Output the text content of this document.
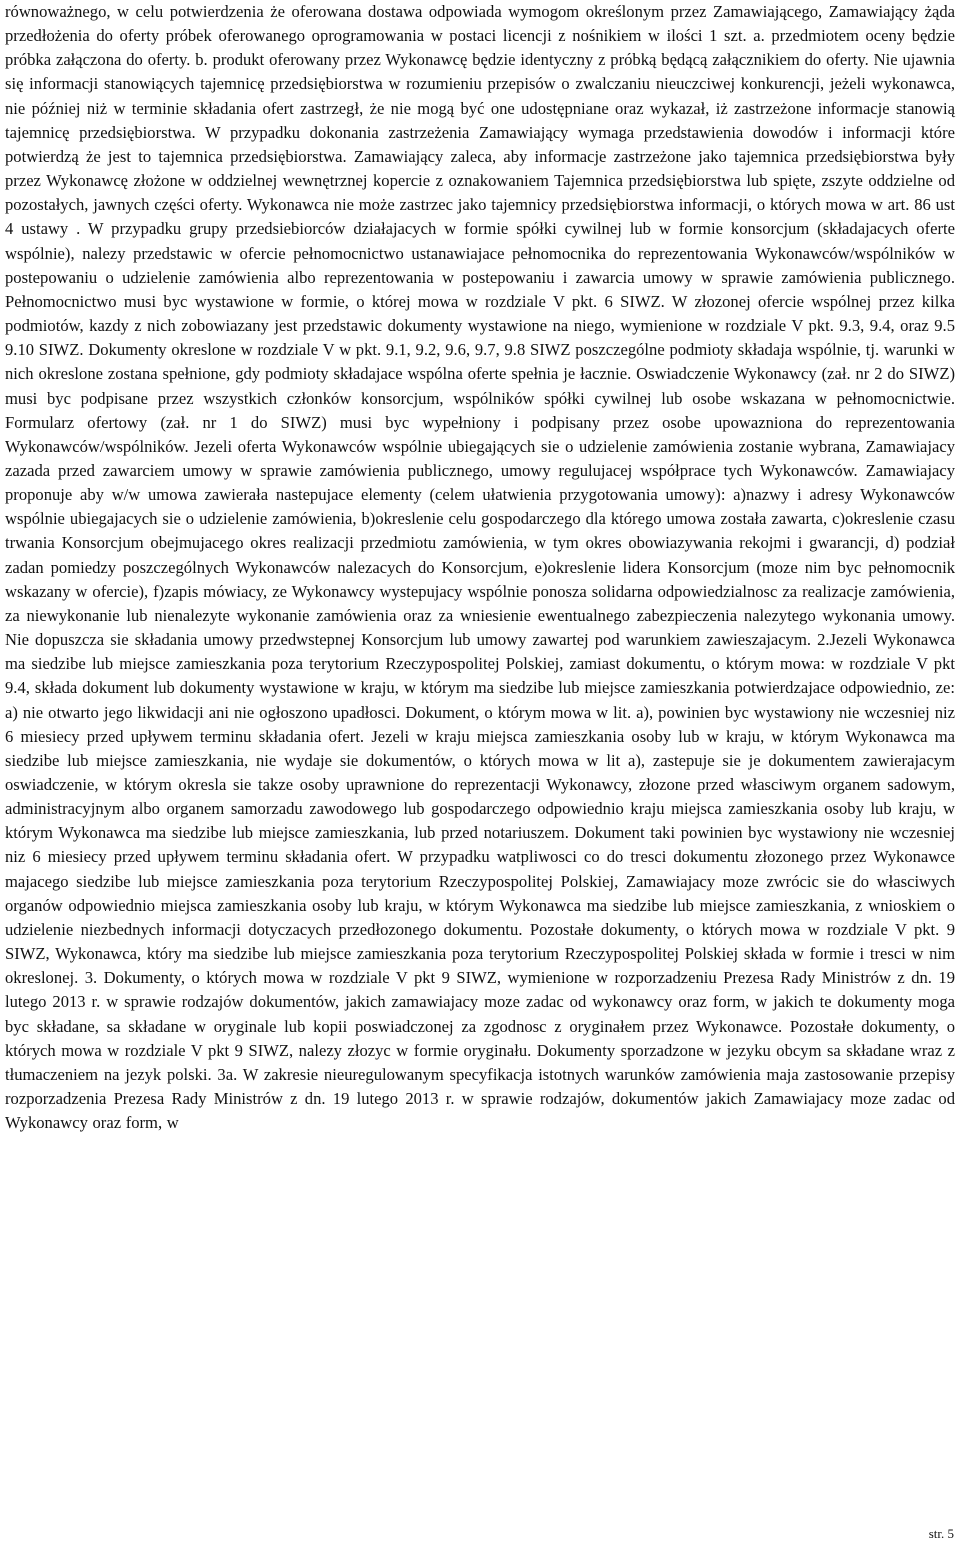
równoważnego, w celu potwierdzenia że oferowana dostawa odpowiada wymogom określonym przez Zamawiającego, Zamawiający żąda przedłożenia do oferty próbek oferowanego oprogramowania w postaci licencji z nośnikiem w ilości 1 szt. a. przedmiotem oceny będzie próbka załączona do oferty. b. produkt oferowany przez Wykonawcę będzie identyczny z próbką będącą załącznikiem do oferty. Nie ujawnia się informacji stanowiących tajemnicę przedsiębiorstwa w rozumieniu przepisów o zwalczaniu nieuczciwej konkurencji, jeżeli wykonawca, nie później niż w terminie składania ofert zastrzegł, że nie mogą być one udostępniane oraz wykazał, iż zastrzeżone informacje stanowią tajemnicę przedsiębiorstwa. W przypadku dokonania zastrzeżenia Zamawiający wymaga przedstawienia dowodów i informacji które potwierdzą że jest to tajemnica przedsiębiorstwa. Zamawiający zaleca, aby informacje zastrzeżone jako tajemnica przedsiębiorstwa były przez Wykonawcę złożone w oddzielnej wewnętrznej kopercie z oznakowaniem Tajemnica przedsiębiorstwa lub spięte, zszyte oddzielne od pozostałych, jawnych części oferty. Wykonawca nie może zastrzec jako tajemnicy przedsiębiorstwa informacji, o których mowa w art. 86 ust 4 ustawy . W przypadku grupy przedsiebiorców działajacych w formie spółki cywilnej lub w formie konsorcjum (składajacych oferte wspólnie), nalezy przedstawic w ofercie pełnomocnictwo ustanawiajace pełnomocnika do reprezentowania Wykonawców/wspólników w postepowaniu o udzielenie zamówienia albo reprezentowania w postepowaniu i zawarcia umowy w sprawie zamówienia publicznego. Pełnomocnictwo musi byc wystawione w formie, o której mowa w rozdziale V pkt. 6 SIWZ. W złozonej ofercie wspólnej przez kilka podmiotów, kazdy z nich zobowiazany jest przedstawic dokumenty wystawione na niego, wymienione w rozdziale V pkt. 9.3, 9.4, oraz 9.5 9.10 SIWZ. Dokumenty okreslone w rozdziale V w pkt. 9.1, 9.2, 9.6, 9.7, 9.8 SIWZ poszczególne podmioty składaja wspólnie, tj. warunki w nich okreslone zostana spełnione, gdy podmioty składajace wspólna oferte spełnia je łacznie. Oswiadczenie Wykonawcy (zał. nr 2 do SIWZ) musi byc podpisane przez wszystkich członków konsorcjum, wspólników spółki cywilnej lub osobe wskazana w pełnomocnictwie. Formularz ofertowy (zał. nr 1 do SIWZ) musi byc wypełniony i podpisany przez osobe upowazniona do reprezentowania Wykonawców/wspólników. Jezeli oferta Wykonawców wspólnie ubiegających sie o udzielenie zamówienia zostanie wybrana, Zamawiajacy zazada przed zawarciem umowy w sprawie zamówienia publicznego, umowy regulujacej współprace tych Wykonawców. Zamawiajacy proponuje aby w/w umowa zawierała nastepujace elementy (celem ułatwienia przygotowania umowy): a)nazwy i adresy Wykonawców wspólnie ubiegajacych sie o udzielenie zamówienia, b)okreslenie celu gospodarczego dla którego umowa została zawarta, c)okreslenie czasu trwania Konsorcjum obejmujacego okres realizacji przedmiotu zamówienia, w tym okres obowiazywania rekojmi i gwarancji, d) podział zadan pomiedzy poszczególnych Wykonawców nalezacych do Konsorcjum, e)okreslenie lidera Konsorcjum (moze nim byc pełnomocnik wskazany w ofercie), f)zapis mówiacy, ze Wykonawcy wystepujacy wspólnie ponosza solidarna odpowiedzialnosc za realizacje zamówienia, za niewykonanie lub nienalezyte wykonanie zamówienia oraz za wniesienie ewentualnego zabezpieczenia nalezytego wykonania umowy. Nie dopuszcza sie składania umowy przedwstepnej Konsorcjum lub umowy zawartej pod warunkiem zawieszajacym. 2.Jezeli Wykonawca ma siedzibe lub miejsce zamieszkania poza terytorium Rzeczypospolitej Polskiej, zamiast dokumentu, o którym mowa: w rozdziale V pkt 9.4, składa dokument lub dokumenty wystawione w kraju, w którym ma siedzibe lub miejsce zamieszkania potwierdzajace odpowiednio, ze: a) nie otwarto jego likwidacji ani nie ogłoszono upadłosci. Dokument, o którym mowa w lit. a), powinien byc wystawiony nie wczesniej niz 6 miesiecy przed upływem terminu składania ofert. Jezeli w kraju miejsca zamieszkania osoby lub w kraju, w którym Wykonawca ma siedzibe lub miejsce zamieszkania, nie wydaje sie dokumentów, o których mowa w lit a), zastepuje sie je dokumentem zawierajacym oswiadczenie, w którym okresla sie takze osoby uprawnione do reprezentacji Wykonawcy, złozone przed własciwym organem sadowym, administracyjnym albo organem samorzadu zawodowego lub gospodarczego odpowiednio kraju miejsca zamieszkania osoby lub kraju, w którym Wykonawca ma siedzibe lub miejsce zamieszkania, lub przed notariuszem. Dokument taki powinien byc wystawiony nie wczesniej niz 6 miesiecy przed upływem terminu składania ofert. W przypadku watpliwosci co do tresci dokumentu złozonego przez Wykonawce majacego siedzibe lub miejsce zamieszkania poza terytorium Rzeczypospolitej Polskiej, Zamawiajacy moze zwrócic sie do własciwych organów odpowiednio miejsca zamieszkania osoby lub kraju, w którym Wykonawca ma siedzibe lub miejsce zamieszkania, z wnioskiem o udzielenie niezbednych informacji dotyczacych przedłozonego dokumentu. Pozostałe dokumenty, o których mowa w rozdziale V pkt. 9 SIWZ, Wykonawca, który ma siedzibe lub miejsce zamieszkania poza terytorium Rzeczypospolitej Polskiej składa w formie i tresci w nim okreslonej. 3. Dokumenty, o których mowa w rozdziale V pkt 9 SIWZ, wymienione w rozporzadzeniu Prezesa Rady Ministrów z dn. 19 lutego 2013 r. w sprawie rodzajów dokumentów, jakich zamawiajacy moze zadac od wykonawcy oraz form, w jakich te dokumenty moga byc składane, sa składane w oryginale lub kopii poswiadczonej za zgodnosc z oryginałem przez Wykonawce. Pozostałe dokumenty, o których mowa w rozdziale V pkt 9 SIWZ, nalezy złozyc w formie oryginału. Dokumenty sporzadzone w jezyku obcym sa składane wraz z tłumaczeniem na jezyk polski. 3a. W zakresie nieuregulowanym specyfikacja istotnych warunków zamówienia maja zastosowanie przepisy rozporzadzenia Prezesa Rady Ministrów z dn. 19 lutego 2013 r. w sprawie rodzajów, dokumentów jakich Zamawiajacy moze zadac od Wykonawcy oraz form, w

str. 5
